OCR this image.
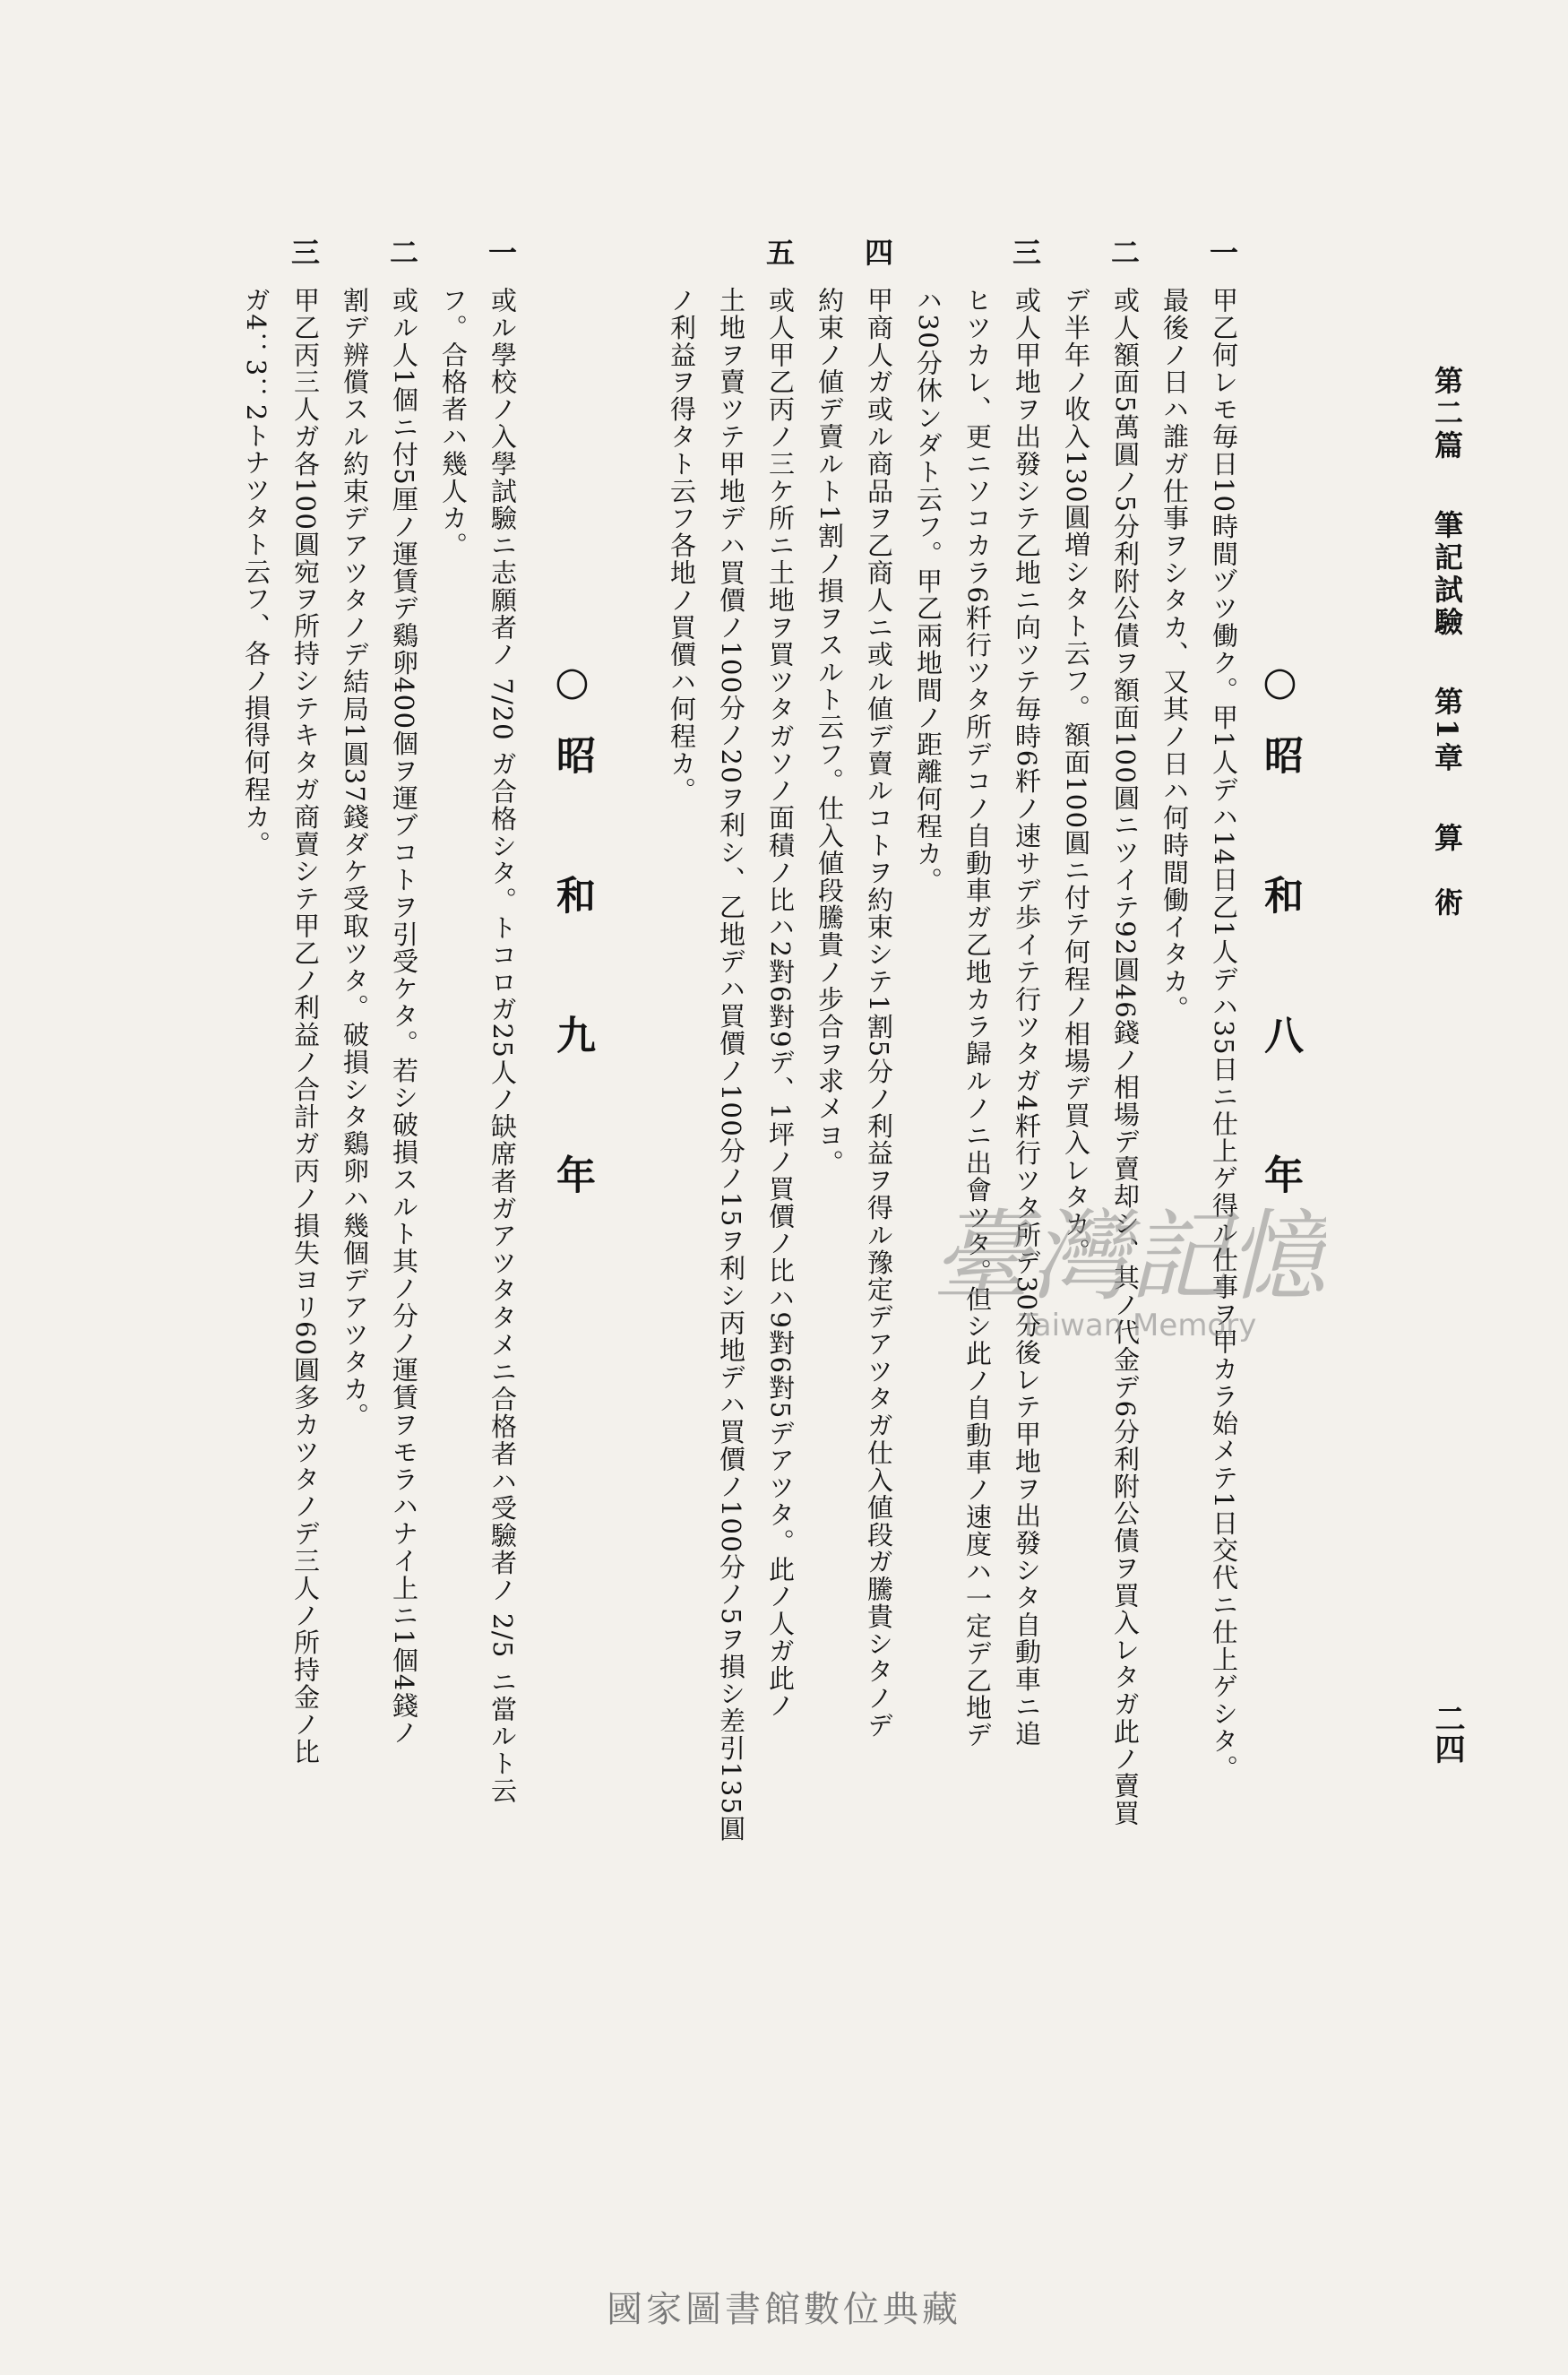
第二篇 筆記試驗 第1章 算　術
二四
○昭　和　八　年
一
甲乙何レモ毎日10時間ヅツ働ク。甲1人デハ14日乙1人デハ35日ニ仕上ゲ得ル仕事ヲ甲カラ始メテ1日交代ニ仕上ゲシタ。
最後ノ日ハ誰ガ仕事ヲシタカ、又其ノ日ハ何時間働イタカ。
二
或人額面5萬圓ノ5分利附公債ヲ額面100圓ニツイテ92圓46錢ノ相場デ賣却シ、其ノ代金デ6分利附公債ヲ買入レタガ此ノ賣買
デ半年ノ收入130圓増シタト云フ。額面100圓ニ付テ何程ノ相場デ買入レタカ。
三
或人甲地ヲ出發シテ乙地ニ向ツテ毎時6粁ノ速サデ歩イテ行ツタガ4粁行ツタ所デ30分後レテ甲地ヲ出發シタ自動車ニ追
ヒツカレ、更ニソコカラ6粁行ツタ所デコノ自動車ガ乙地カラ歸ルノニ出會ツタ。但シ此ノ自動車ノ速度ハ一定デ乙地デ
ハ30分休ンダト云フ。甲乙兩地間ノ距離何程カ。
四
甲商人ガ或ル商品ヲ乙商人ニ或ル値デ賣ルコトヲ約束シテ1割5分ノ利益ヲ得ル豫定デアツタガ仕入値段ガ騰貴シタノデ
約束ノ値デ賣ルト1割ノ損ヲスルト云フ。仕入値段騰貴ノ步合ヲ求メヨ。
五
或人甲乙丙ノ三ケ所ニ土地ヲ買ツタガソノ面積ノ比ハ2對6對9デ、1坪ノ買價ノ比ハ9對6對5デアツタ。此ノ人ガ此ノ
土地ヲ賣ツテ甲地デハ買價ノ100分ノ20ヲ利シ、乙地デハ買價ノ100分ノ15ヲ利シ丙地デハ買價ノ100分ノ5ヲ損シ差引135圓
ノ利益ヲ得タト云フ各地ノ買價ハ何程カ。
○昭　和　九　年
一
或ル學校ノ入學試驗ニ志願者ノ 7/20 ガ合格シタ。トコロガ25人ノ缺席者ガアツタタメニ合格者ハ受驗者ノ 2/5 ニ當ルト云
フ。合格者ハ幾人カ。
二
或ル人1個ニ付5厘ノ運賃デ鷄卵400個ヲ運ブコトヲ引受ケタ。若シ破損スルト其ノ分ノ運賃ヲモラハナイ上ニ1個4錢ノ
割デ辨償スル約束デアツタノデ結局1圓37錢ダケ受取ツタ。破損シタ鷄卵ハ幾個デアツタカ。
三
甲乙丙三人ガ各100圓宛ヲ所持シテキタガ商賣シテ甲乙ノ利益ノ合計ガ丙ノ損失ヨリ60圓多カツタノデ三人ノ所持金ノ比
ガ4：3：2トナツタト云フ、各ノ損得何程カ。
臺灣記憶
Taiwan Memory
國家圖書館數位典藏
